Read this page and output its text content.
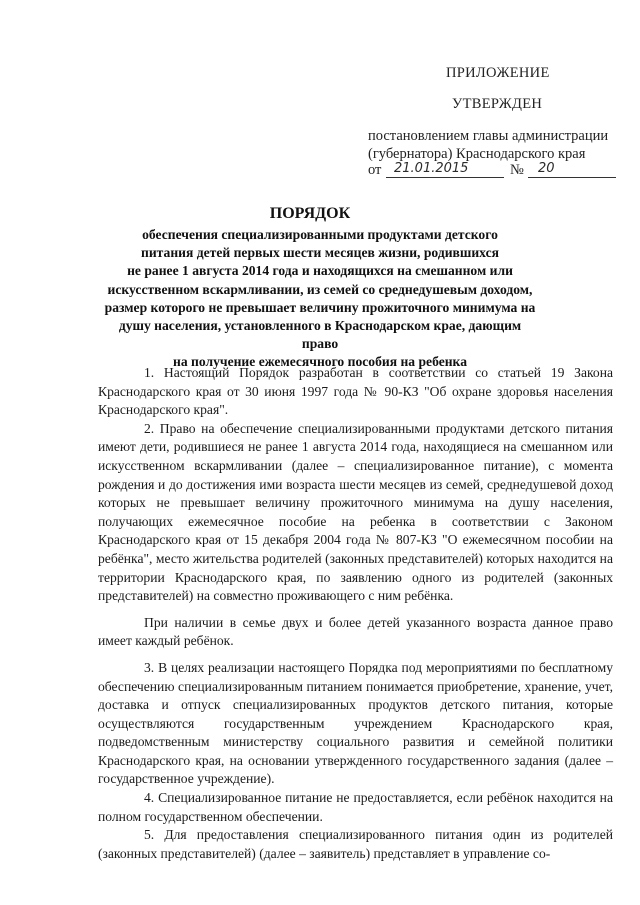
ПРИЛОЖЕНИЕ
УТВЕРЖДЕН
постановлением главы администрации
(губернатора) Краснодарского края
от 21.01.2015	№ 20
ПОРЯДОК
обеспечения специализированными продуктами детского
питания детей первых шести месяцев жизни, родившихся
не ранее 1 августа 2014 года и находящихся на смешанном или
искусственном вскармливании, из семей со среднедушевым доходом,
размер которого не превышает величину прожиточного минимума на
душу населения, установленного в Краснодарском крае, дающим право
на получение ежемесячного пособия на ребенка

1. Настоящий Порядок разработан в соответствии со статьей 19 Закона Краснодарского края от 30 июня 1997 года № 90-КЗ "Об охране здоровья населения Краснодарского края".

2. Право на обеспечение специализированными продуктами детского питания имеют дети, родившиеся не ранее 1 августа 2014 года, находящиеся на смешанном или искусственном вскармливании (далее – специализированное питание), с момента рождения и до достижения ими возраста шести месяцев из семей, среднедушевой доход которых не превышает величину прожиточного минимума на душу населения, получающих ежемесячное пособие на ребенка в соответствии с Законом Краснодарского края от 15 декабря 2004 года № 807-КЗ "О ежемесячном пособии на ребёнка", место жительства родителей (законных представителей) которых находится на территории Краснодарского края, по заявлению одного из родителей (законных представителей) на совместно проживающего с ним ребёнка.

При наличии в семье двух и более детей указанного возраста данное право имеет каждый ребёнок.

3. В целях реализации настоящего Порядка под мероприятиями по бесплатному обеспечению специализированным питанием понимается приобретение, хранение, учет, доставка и отпуск специализированных продуктов детского питания, которые осуществляются государственным учреждением Краснодарского края, подведомственным министерству социального развития и семейной политики Краснодарского края, на основании утвержденного государственного задания (далее – государственное учреждение).

4. Специализированное питание не предоставляется, если ребёнок находится на полном государственном обеспечении.

5. Для предоставления специализированного питания один из родителей (законных представителей) (далее – заявитель) представляет в управление со-
